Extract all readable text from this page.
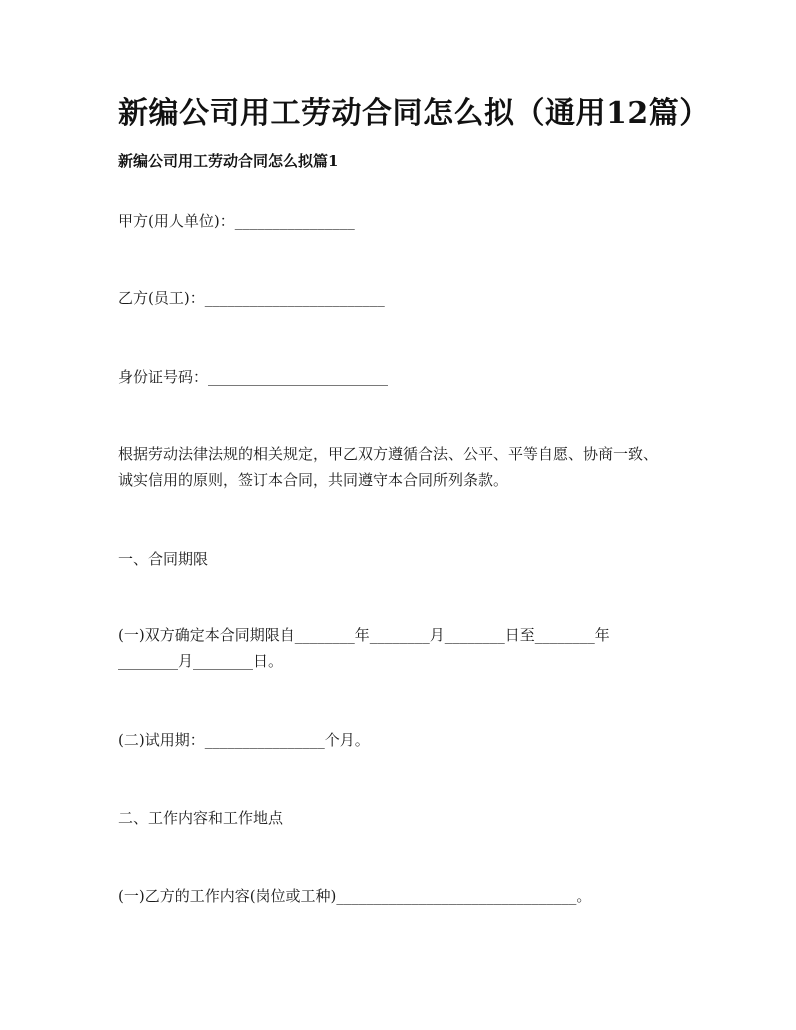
新编公司用工劳动合同怎么拟（通用12篇）
新编公司用工劳动合同怎么拟篇1

甲方(用人单位)：________________

乙方(员工)：________________________

身份证号码：________________________

根据劳动法律法规的相关规定，甲乙双方遵循合法、公平、平等自愿、协商一致、
诚实信用的原则，签订本合同，共同遵守本合同所列条款。

一、合同期限

(一)双方确定本合同期限自________年________月________日至________年
________月________日。

(二)试用期：________________个月。

二、工作内容和工作地点

(一)乙方的工作内容(岗位或工种)________________________________。
